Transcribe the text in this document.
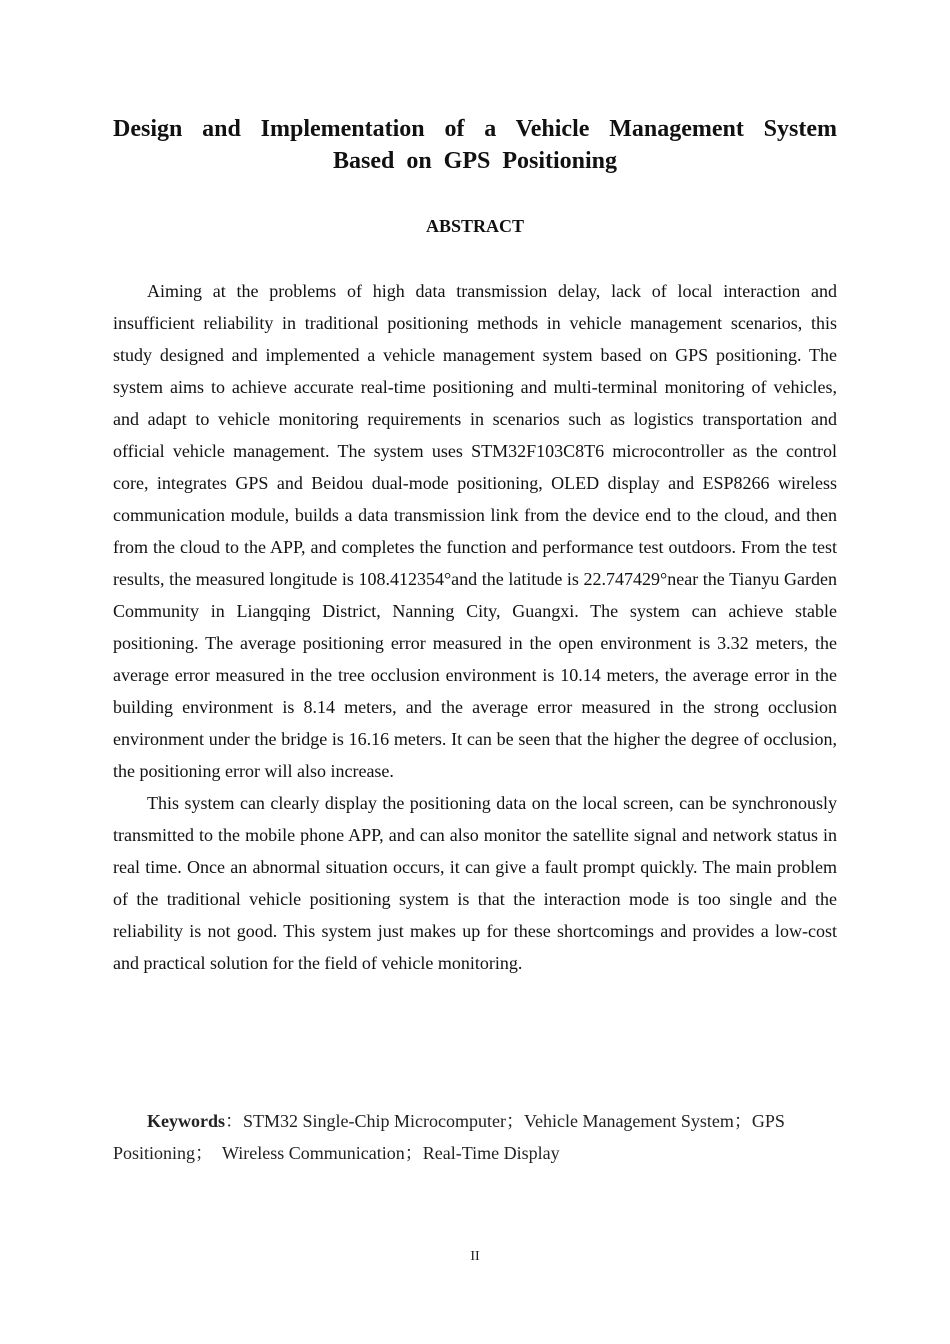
Design and Implementation of a Vehicle Management System
Based on GPS Positioning
ABSTRACT

Aiming at the problems of high data transmission delay, lack of local interaction and insufficient reliability in traditional positioning methods in vehicle management scenarios, this study designed and implemented a vehicle management system based on GPS positioning. The system aims to achieve accurate real-time positioning and multi-terminal monitoring of vehicles, and adapt to vehicle monitoring requirements in scenarios such as logistics transportation and official vehicle management. The system uses STM32F103C8T6 microcontroller as the control core, integrates GPS and Beidou dual-mode positioning, OLED display and ESP8266 wireless communication module, builds a data transmission link from the device end to the cloud, and then from the cloud to the APP, and completes the function and performance test outdoors. From the test results, the measured longitude is 108.412354°and the latitude is 22.747429°near the Tianyu Garden Community in Liangqing District, Nanning City, Guangxi. The system can achieve stable positioning. The average positioning error measured in the open environment is 3.32 meters, the average error measured in the tree occlusion environment is 10.14 meters, the average error in the building environment is 8.14 meters, and the average error measured in the strong occlusion environment under the bridge is 16.16 meters. It can be seen that the higher the degree of occlusion, the positioning error will also increase.

This system can clearly display the positioning data on the local screen, can be synchronously transmitted to the mobile phone APP, and can also monitor the satellite signal and network status in real time. Once an abnormal situation occurs, it can give a fault prompt quickly. The main problem of the traditional vehicle positioning system is that the interaction mode is too single and the reliability is not good. This system just makes up for these shortcomings and provides a low-cost and practical solution for the field of vehicle monitoring.

Keywords：STM32 Single-Chip Microcomputer；Vehicle Management System；GPS Positioning；　Wireless Communication；Real-Time Display

II
